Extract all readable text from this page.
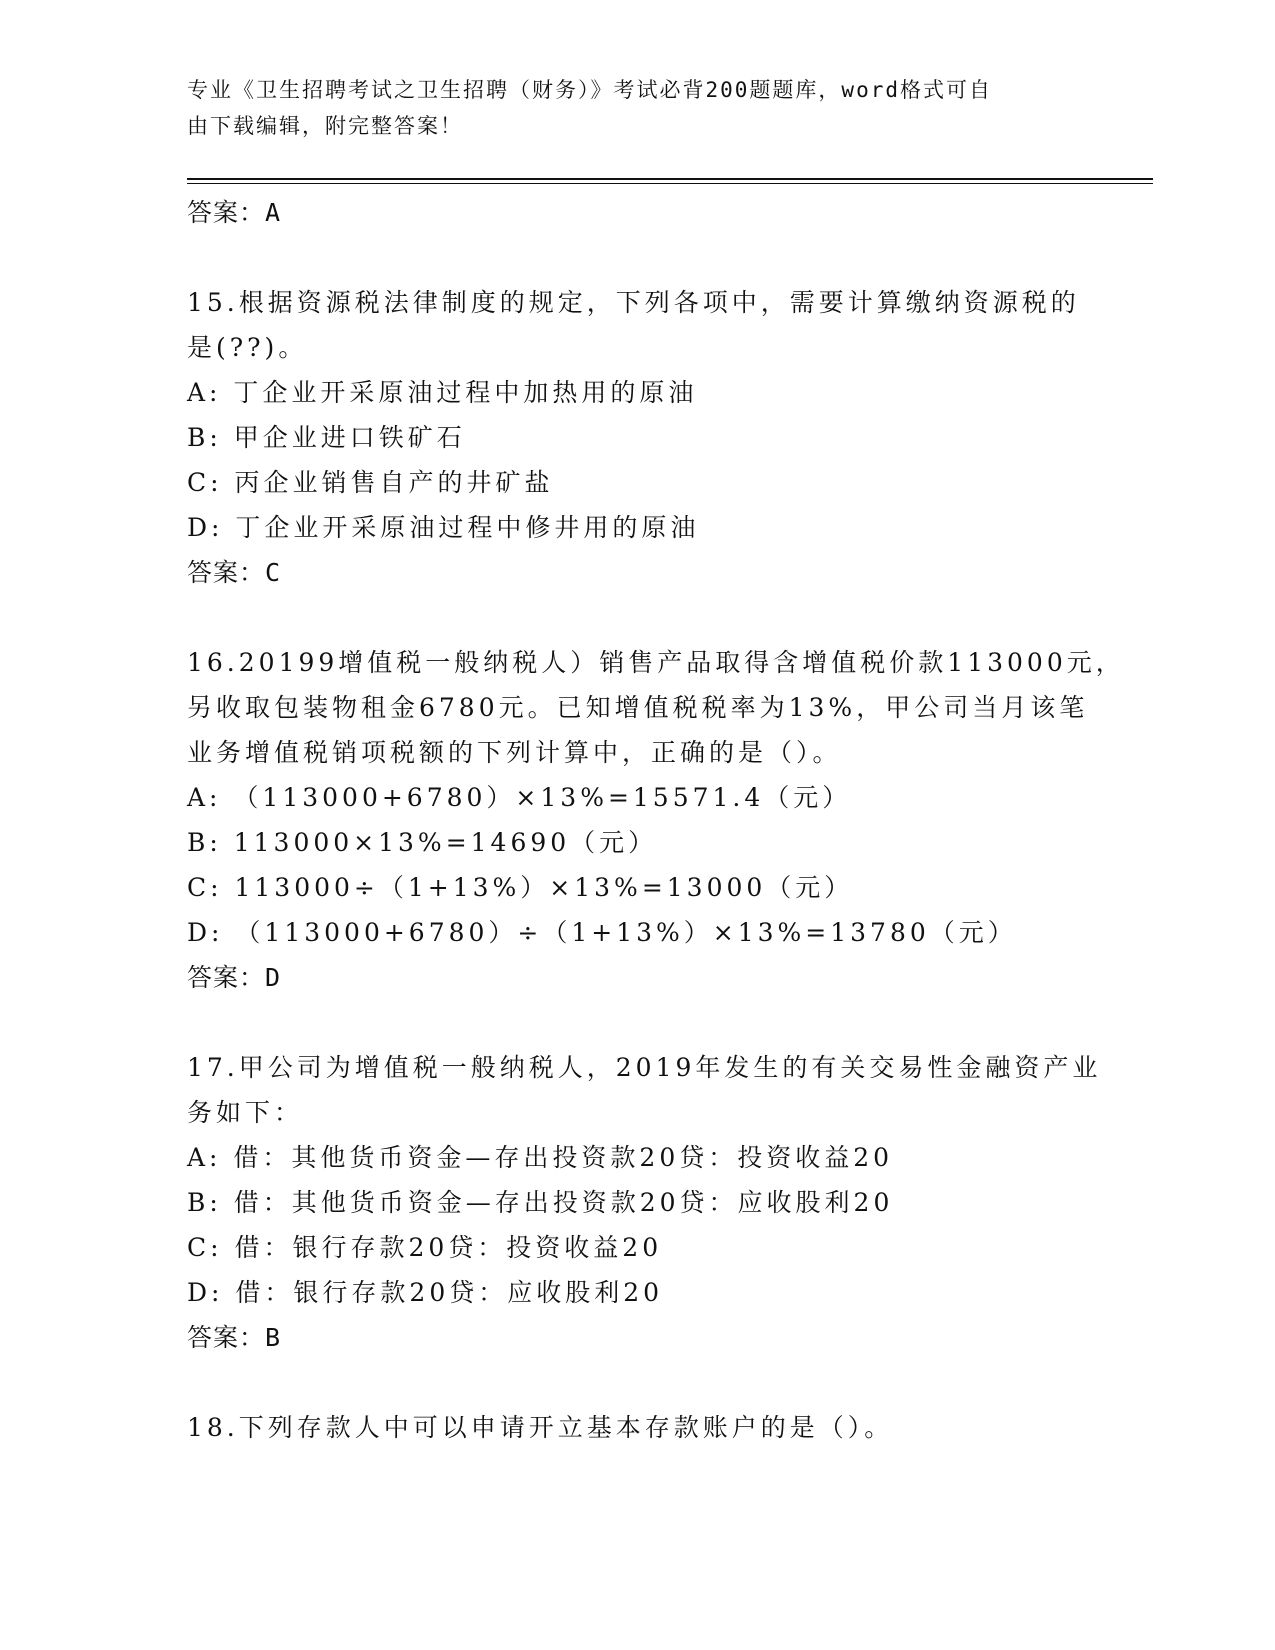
专业《卫生招聘考试之卫生招聘（财务）》考试必背200题题库，word格式可自
由下载编辑，附完整答案！
答案：A
15.根据资源税法律制度的规定，下列各项中，需要计算缴纳资源税的
是(??)。
A: 丁企业开采原油过程中加热用的原油
B: 甲企业进口铁矿石
C: 丙企业销售自产的井矿盐
D: 丁企业开采原油过程中修井用的原油
答案：C
16.20199增值税一般纳税人）销售产品取得含增值税价款113000元，
另收取包装物租金6780元。已知增值税税率为13%，甲公司当月该笔
业务增值税销项税额的下列计算中，正确的是（）。
A: （113000+6780）×13%=15571.4（元）
B: 113000×13%=14690（元）
C: 113000÷（1+13%）×13%=13000（元）
D: （113000+6780）÷（1+13%）×13%=13780（元）
答案：D
17.甲公司为增值税一般纳税人，2019年发生的有关交易性金融资产业
务如下：
A: 借：其他货币资金—存出投资款20贷：投资收益20
B: 借：其他货币资金—存出投资款20贷：应收股利20
C: 借：银行存款20贷：投资收益20
D: 借：银行存款20贷：应收股利20
答案：B
18.下列存款人中可以申请开立基本存款账户的是（）。
